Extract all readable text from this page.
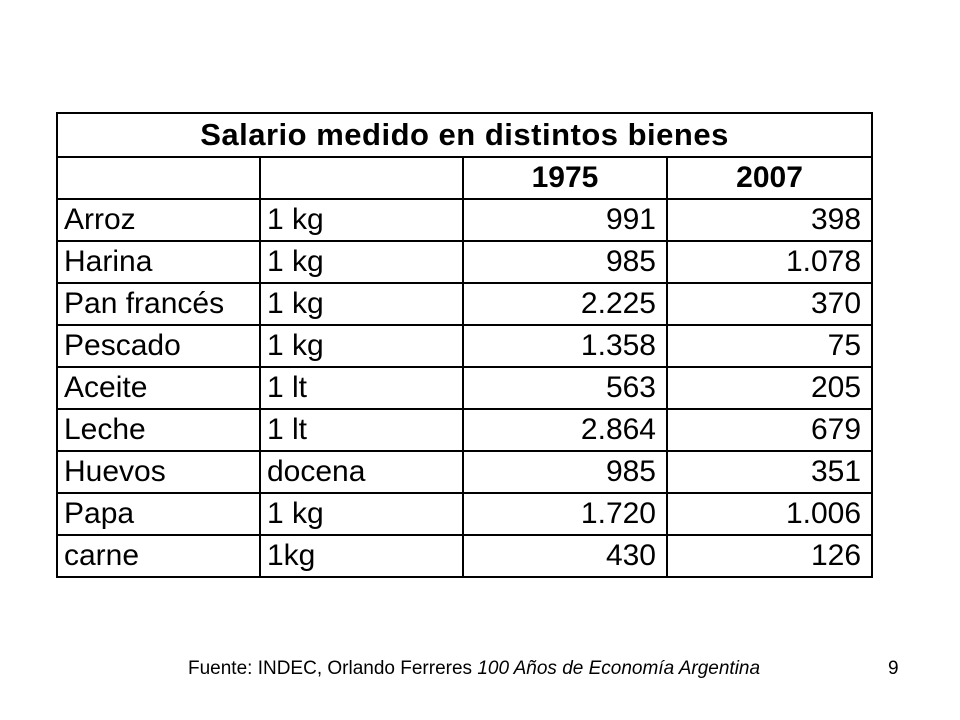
Salario medido en distintos bienes			
		1975	2007
Arroz	1 kg	991	398
Harina	1 kg	985	1.078
Pan francés	1 kg	2.225	370
Pescado	1 kg	1.358	75
Aceite	1 lt	563	205
Leche	1 lt	2.864	679
Huevos	docena	985	351
Papa	1 kg	1.720	1.006
carne	1kg	430	126
Fuente: INDEC, Orlando Ferreres 100 Años de Economía Argentina	9
